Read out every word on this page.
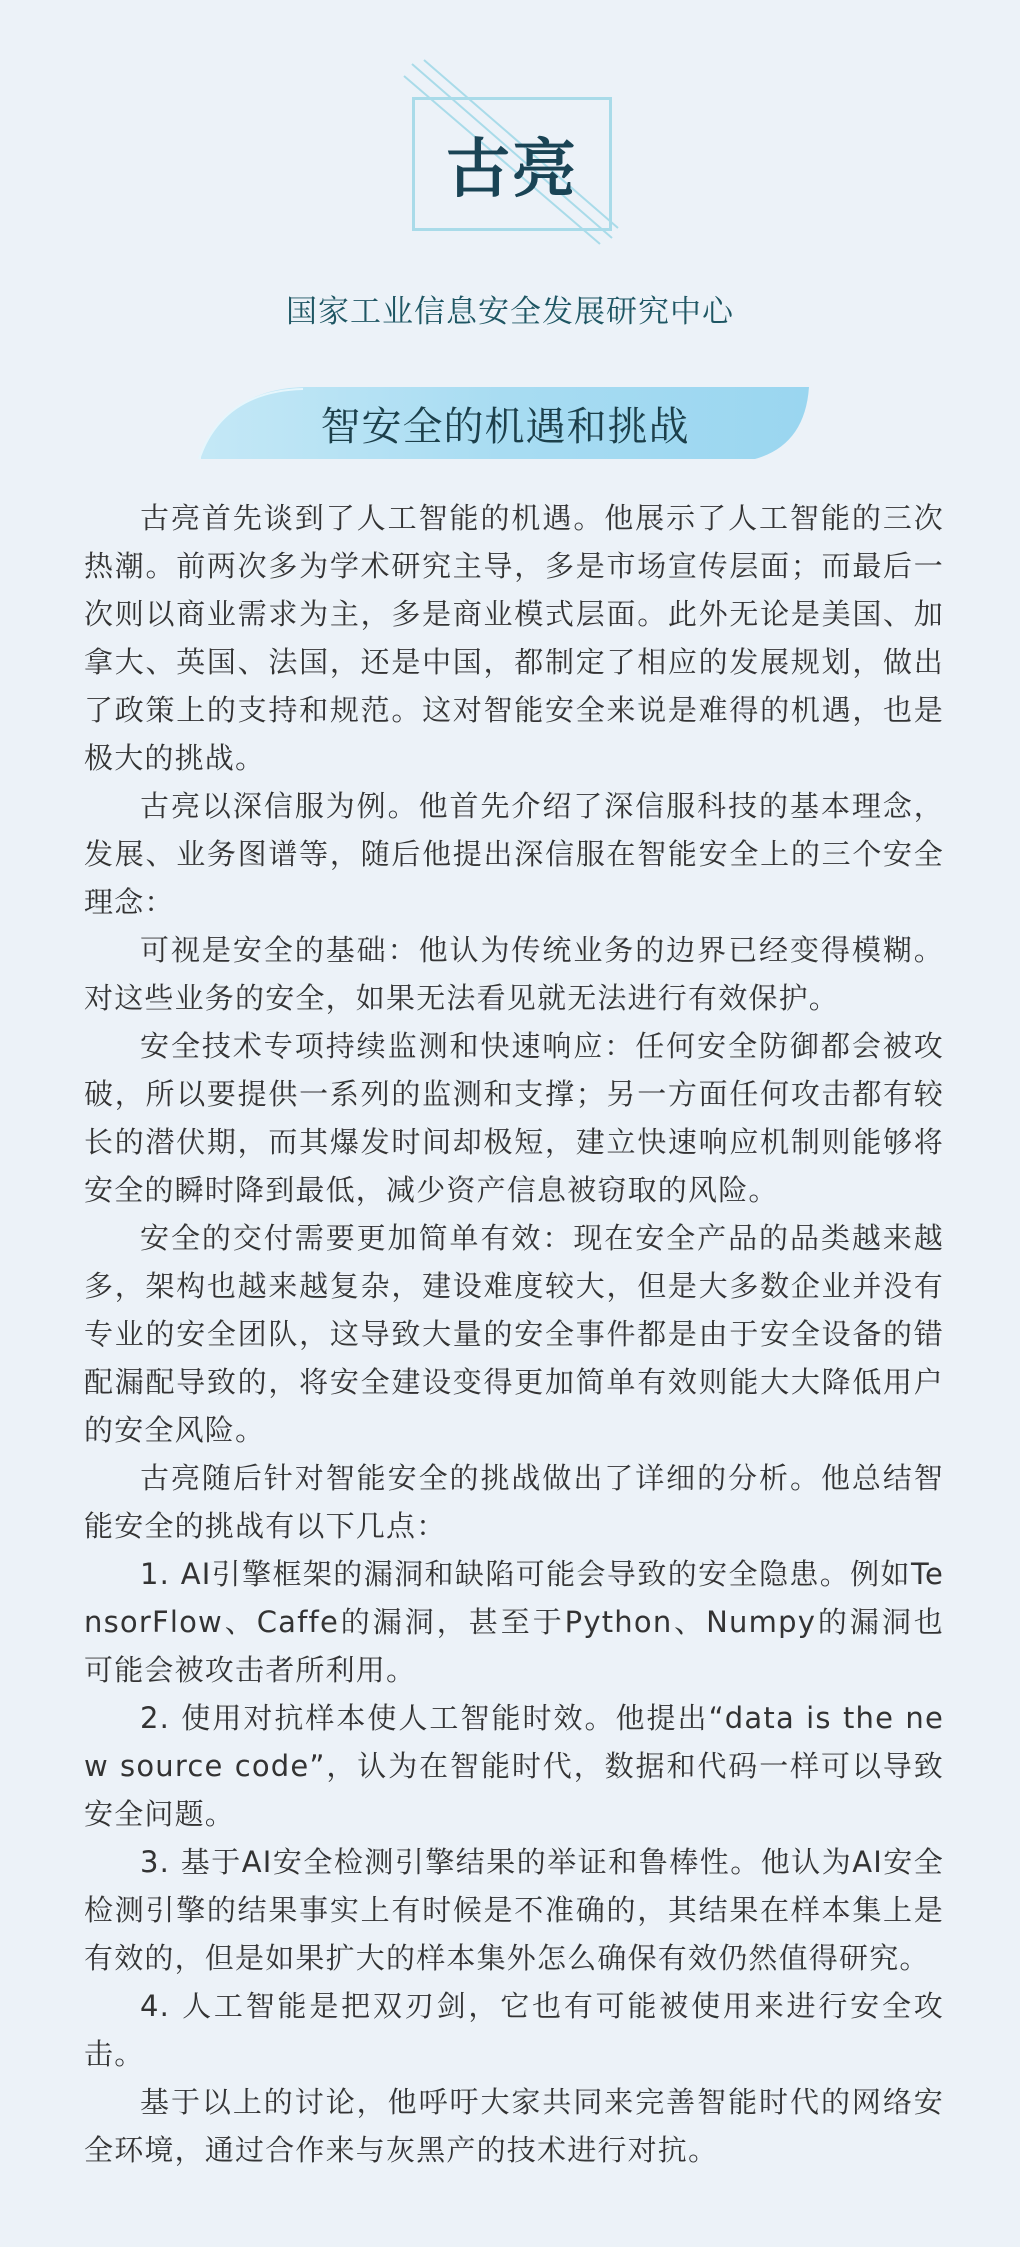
古亮
国家工业信息安全发展研究中心
智安全的机遇和挑战

古亮首先谈到了人工智能的机遇。他展示了人工智能的三次热潮。前两次多为学术研究主导，多是市场宣传层面；而最后一次则以商业需求为主，多是商业模式层面。此外无论是美国、加拿大、英国、法国，还是中国，都制定了相应的发展规划，做出了政策上的支持和规范。这对智能安全来说是难得的机遇，也是极大的挑战。

古亮以深信服为例。他首先介绍了深信服科技的基本理念，发展、业务图谱等，随后他提出深信服在智能安全上的三个安全理念：

可视是安全的基础：他认为传统业务的边界已经变得模糊。对这些业务的安全，如果无法看见就无法进行有效保护。

安全技术专项持续监测和快速响应：任何安全防御都会被攻破，所以要提供一系列的监测和支撑；另一方面任何攻击都有较长的潜伏期，而其爆发时间却极短，建立快速响应机制则能够将安全的瞬时降到最低，减少资产信息被窃取的风险。

安全的交付需要更加简单有效：现在安全产品的品类越来越多，架构也越来越复杂，建设难度较大，但是大多数企业并没有专业的安全团队，这导致大量的安全事件都是由于安全设备的错配漏配导致的，将安全建设变得更加简单有效则能大大降低用户的安全风险。

古亮随后针对智能安全的挑战做出了详细的分析。他总结智能安全的挑战有以下几点：

1. AI引擎框架的漏洞和缺陷可能会导致的安全隐患。例如TensorFlow、Caffe的漏洞，甚至于Python、Numpy的漏洞也可能会被攻击者所利用。

2. 使用对抗样本使人工智能时效。他提出“data is the new source code”，认为在智能时代，数据和代码一样可以导致安全问题。

3. 基于AI安全检测引擎结果的举证和鲁棒性。他认为AI安全检测引擎的结果事实上有时候是不准确的，其结果在样本集上是有效的，但是如果扩大的样本集外怎么确保有效仍然值得研究。

4. 人工智能是把双刃剑，它也有可能被使用来进行安全攻击。

基于以上的讨论，他呼吁大家共同来完善智能时代的网络安全环境，通过合作来与灰黑产的技术进行对抗。
